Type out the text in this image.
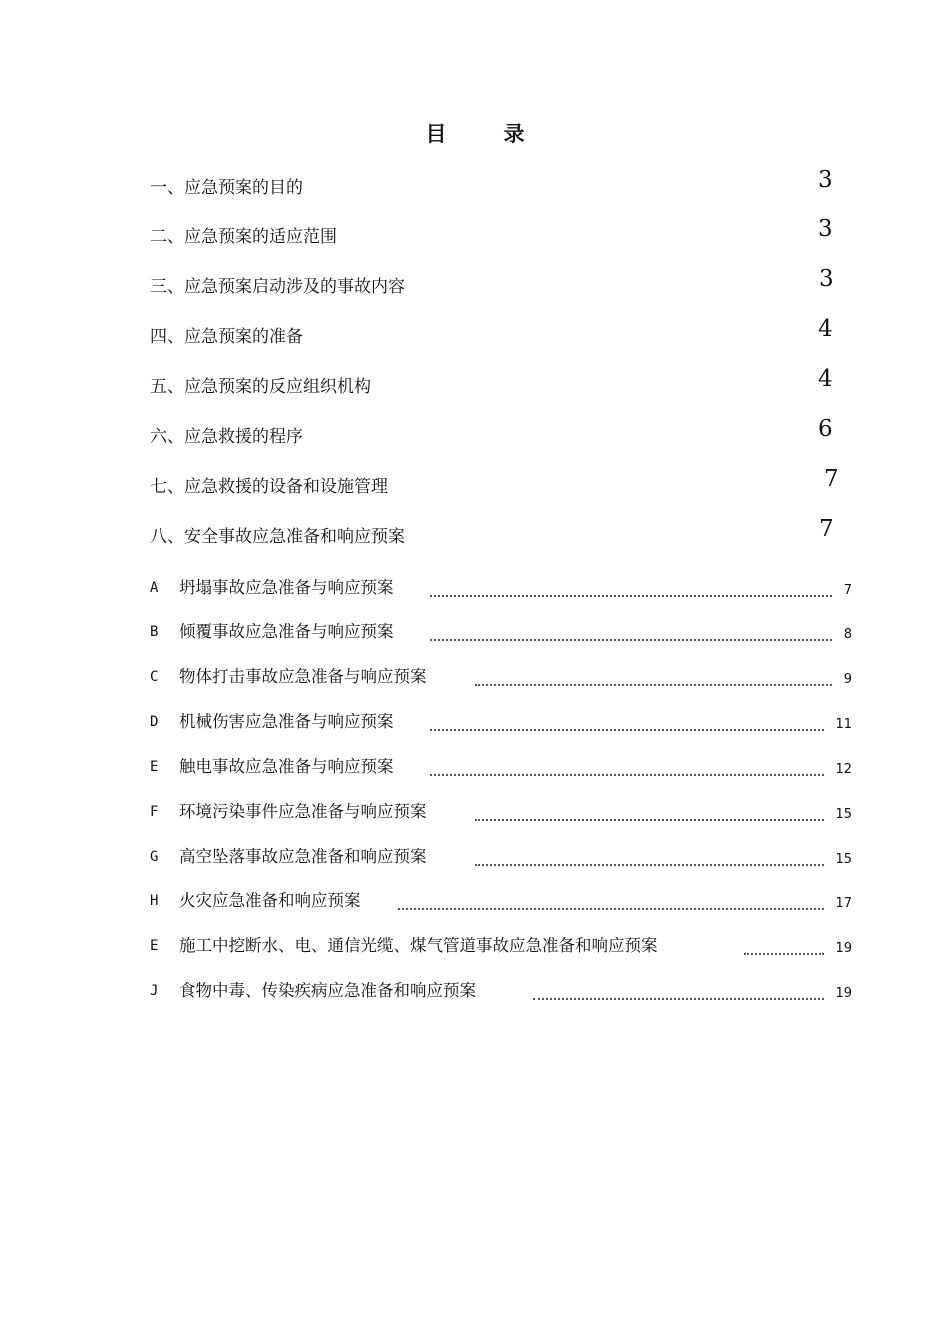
目　录
一、应急预案的目的	3
二、应急预案的适应范围	3
三、应急预案启动涉及的事故内容	3
四、应急预案的准备	4
五、应急预案的反应组织机构	4
六、应急救援的程序	6
七、应急救援的设备和设施管理	7
八、安全事故应急准备和响应预案	7
A 坍塌事故应急准备与响应预案	7
B 倾覆事故应急准备与响应预案	8
C 物体打击事故应急准备与响应预案	9
D 机械伤害应急准备与响应预案	11
E 触电事故应急准备与响应预案	12
F 环境污染事件应急准备与响应预案	15
G 高空坠落事故应急准备和响应预案	15
H 火灾应急准备和响应预案	17
E 施工中挖断水、电、通信光缆、煤气管道事故应急准备和响应预案	19
J 食物中毒、传染疾病应急准备和响应预案	19
